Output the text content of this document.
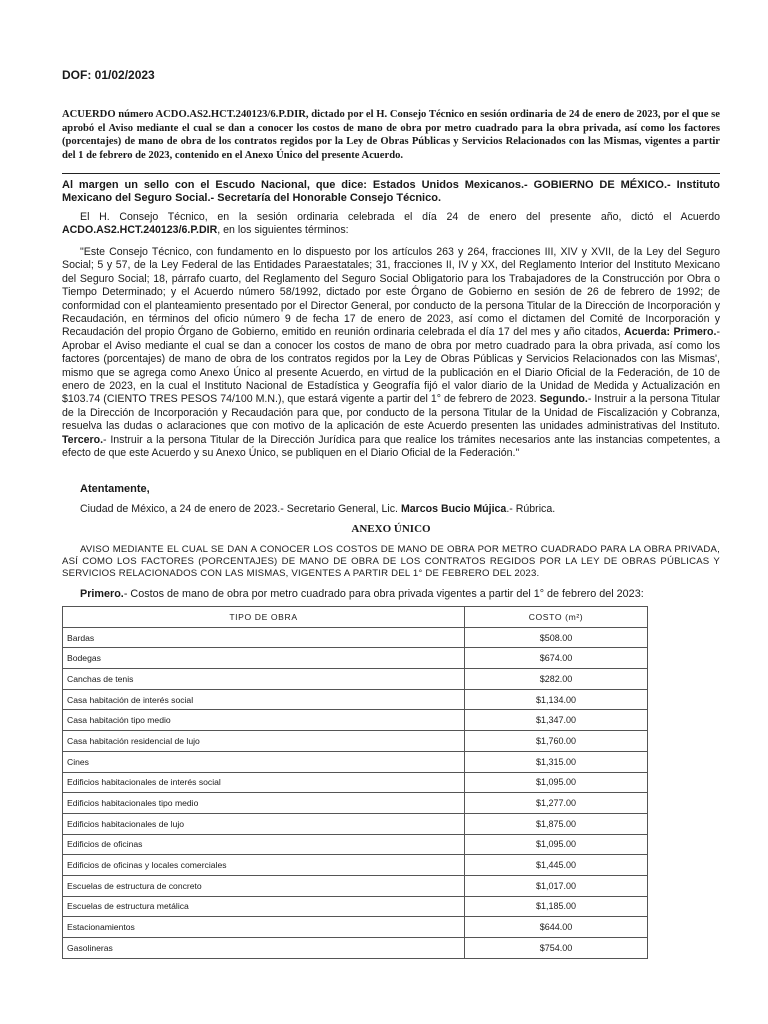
DOF: 01/02/2023
ACUERDO número ACDO.AS2.HCT.240123/6.P.DIR, dictado por el H. Consejo Técnico en sesión ordinaria de 24 de enero de 2023, por el que se aprobó el Aviso mediante el cual se dan a conocer los costos de mano de obra por metro cuadrado para la obra privada, así como los factores (porcentajes) de mano de obra de los contratos regidos por la Ley de Obras Públicas y Servicios Relacionados con las Mismas, vigentes a partir del 1 de febrero de 2023, contenido en el Anexo Único del presente Acuerdo.
Al margen un sello con el Escudo Nacional, que dice: Estados Unidos Mexicanos.- GOBIERNO DE MÉXICO.- Instituto Mexicano del Seguro Social.- Secretaría del Honorable Consejo Técnico.
El H. Consejo Técnico, en la sesión ordinaria celebrada el día 24 de enero del presente año, dictó el Acuerdo ACDO.AS2.HCT.240123/6.P.DIR, en los siguientes términos:
"Este Consejo Técnico, con fundamento en lo dispuesto por los artículos 263 y 264, fracciones III, XIV y XVII, de la Ley del Seguro Social; 5 y 57, de la Ley Federal de las Entidades Paraestatales; 31, fracciones II, IV y XX, del Reglamento Interior del Instituto Mexicano del Seguro Social; 18, párrafo cuarto, del Reglamento del Seguro Social Obligatorio para los Trabajadores de la Construcción por Obra o Tiempo Determinado; y el Acuerdo número 58/1992, dictado por este Órgano de Gobierno en sesión de 26 de febrero de 1992; de conformidad con el planteamiento presentado por el Director General, por conducto de la persona Titular de la Dirección de Incorporación y Recaudación, en términos del oficio número 9 de fecha 17 de enero de 2023, así como el dictamen del Comité de Incorporación y Recaudación del propio Órgano de Gobierno, emitido en reunión ordinaria celebrada el día 17 del mes y año citados, Acuerda: Primero.- Aprobar el Aviso mediante el cual se dan a conocer los costos de mano de obra por metro cuadrado para la obra privada, así como los factores (porcentajes) de mano de obra de los contratos regidos por la Ley de Obras Públicas y Servicios Relacionados con las Mismas', mismo que se agrega como Anexo Único al presente Acuerdo, en virtud de la publicación en el Diario Oficial de la Federación, de 10 de enero de 2023, en la cual el Instituto Nacional de Estadística y Geografía fijó el valor diario de la Unidad de Medida y Actualización en $103.74 (CIENTO TRES PESOS 74/100 M.N.), que estará vigente a partir del 1° de febrero de 2023. Segundo.- Instruir a la persona Titular de la Dirección de Incorporación y Recaudación para que, por conducto de la persona Titular de la Unidad de Fiscalización y Cobranza, resuelva las dudas o aclaraciones que con motivo de la aplicación de este Acuerdo presenten las unidades administrativas del Instituto. Tercero.- Instruir a la persona Titular de la Dirección Jurídica para que realice los trámites necesarios ante las instancias competentes, a efecto de que este Acuerdo y su Anexo Único, se publiquen en el Diario Oficial de la Federación."
Atentamente,
Ciudad de México, a 24 de enero de 2023.- Secretario General, Lic. Marcos Bucio Mújica.- Rúbrica.
ANEXO ÚNICO
AVISO MEDIANTE EL CUAL SE DAN A CONOCER LOS COSTOS DE MANO DE OBRA POR METRO CUADRADO PARA LA OBRA PRIVADA, ASÍ COMO LOS FACTORES (PORCENTAJES) DE MANO DE OBRA DE LOS CONTRATOS REGIDOS POR LA LEY DE OBRAS PÚBLICAS Y SERVICIOS RELACIONADOS CON LAS MISMAS, VIGENTES A PARTIR DEL 1° DE FEBRERO DEL 2023.
Primero.- Costos de mano de obra por metro cuadrado para obra privada vigentes a partir del 1° de febrero del 2023:
TIPO DE OBRA	COSTO (m²)
Bardas	$508.00
Bodegas	$674.00
Canchas de tenis	$282.00
Casa habitación de interés social	$1,134.00
Casa habitación tipo medio	$1,347.00
Casa habitación residencial de lujo	$1,760.00
Cines	$1,315.00
Edificios habitacionales de interés social	$1,095.00
Edificios habitacionales tipo medio	$1,277.00
Edificios habitacionales de lujo	$1,875.00
Edificios de oficinas	$1,095.00
Edificios de oficinas y locales comerciales	$1,445.00
Escuelas de estructura de concreto	$1,017.00
Escuelas de estructura metálica	$1,185.00
Estacionamientos	$644.00
Gasolineras	$754.00
